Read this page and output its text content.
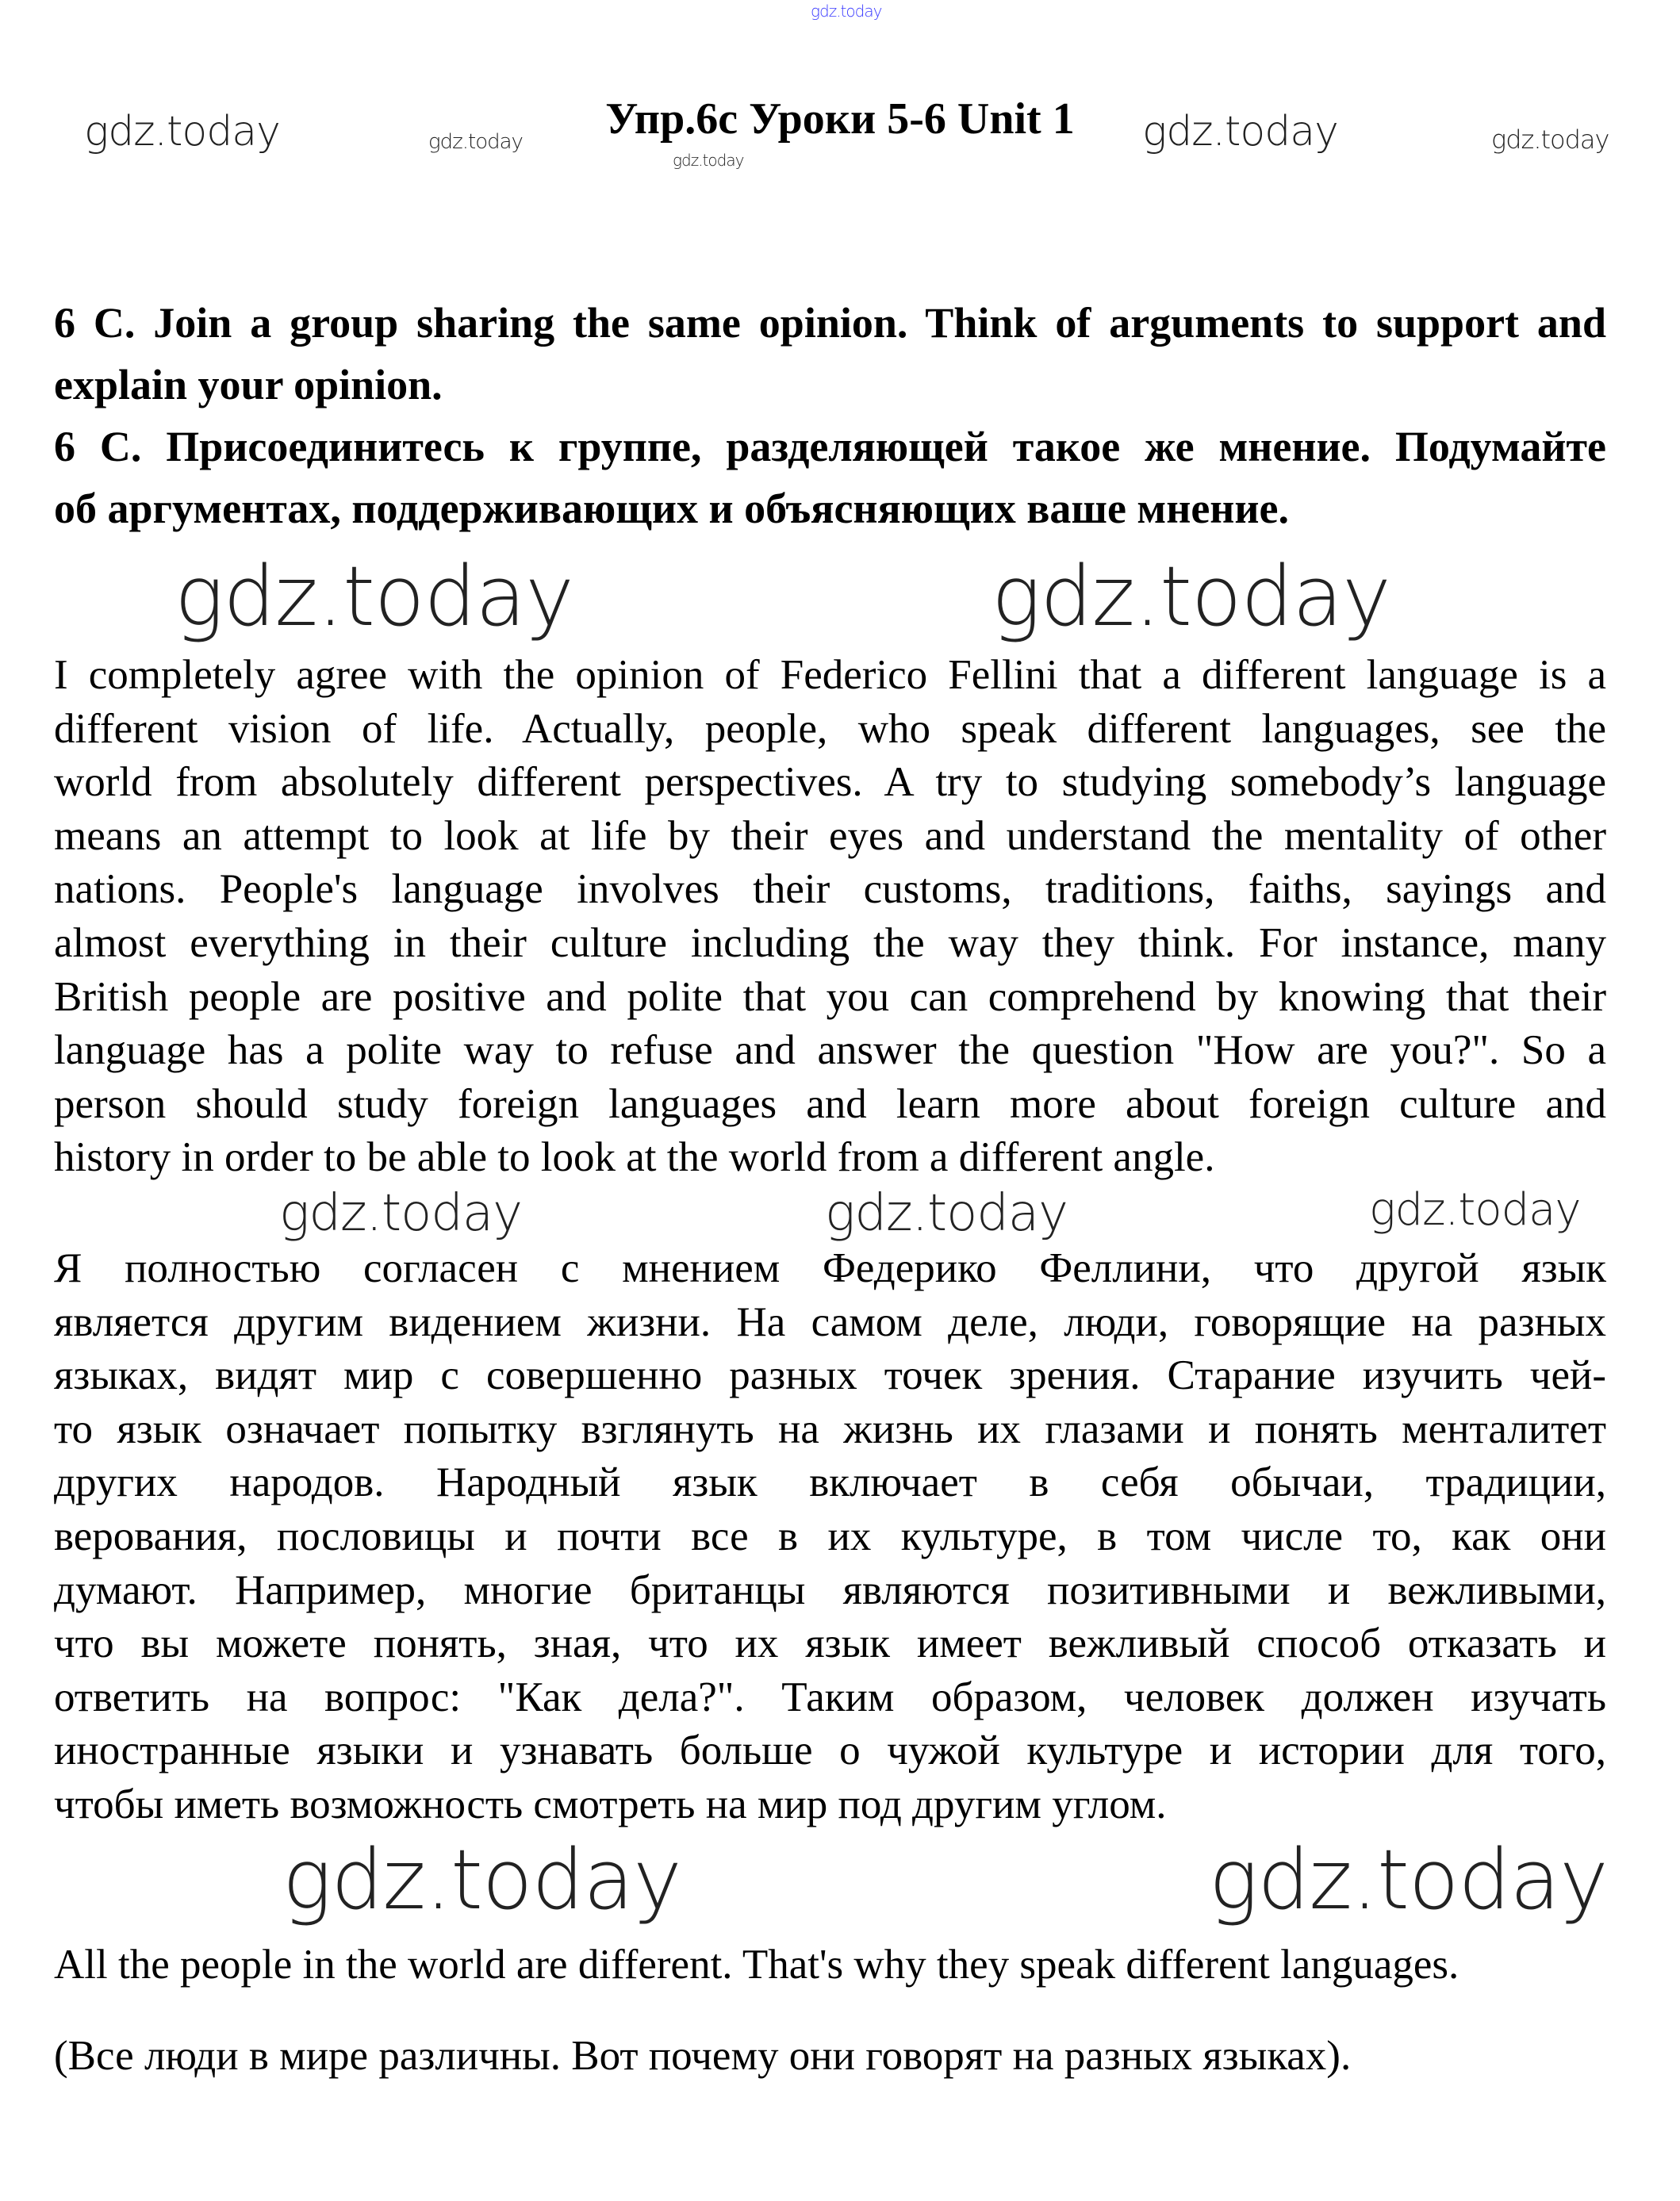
gdz.today
gdz.today	gdz.today
gdz.today
gdz.today
Упр.6с Уроки 5-6 Unit 1	gdz.today
6 C. Join a group sharing the same opinion. Think of arguments to support and
explain your opinion.
6 С. Присоединитесь к группе, разделяющей такое же мнение. Подумайте
об аргументах, поддерживающих и объясняющих ваше мнение.
gdz.today	gdz.today
I completely agree with the opinion of Federico Fellini that a different language is a
different vision of life. Actually, people, who speak different languages, see the
world from absolutely different perspectives. A try to studying somebody’s language
means an attempt to look at life by their eyes and understand the mentality of other
nations. People's language involves their customs, traditions, faiths, sayings and
almost everything in their culture including the way they think. For instance, many
British people are positive and polite that you can comprehend by knowing that their
language has a polite way to refuse and answer the question "How are you?". So a
person should study foreign languages and learn more about foreign culture and
history in order to be able to look at the world from a different angle.
gdz.today
gdz.today	gdz.today
Я полностью согласен с мнением Федерико Феллини, что другой язык
является другим видением жизни. На самом деле, люди, говорящие на разных
языках, видят мир с совершенно разных точек зрения. Старание изучить чей-
то язык означает попытку взглянуть на жизнь их глазами и понять менталитет
других народов. Народный язык включает в себя обычаи, традиции,
верования, пословицы и почти все в их культуре, в том числе то, как они
думают. Например, многие британцы являются позитивными и вежливыми,
что вы можете понять, зная, что их язык имеет вежливый способ отказать и
ответить на вопрос: "Как дела?". Таким образом, человек должен изучать
иностранные языки и узнавать больше о чужой культуре и истории для того,
чтобы иметь возможность смотреть на мир под другим углом.
gdz.today	gdz.today
All the people in the world are different. That's why they speak different languages.
(Все люди в мире различны. Вот почему они говорят на разных языках).
